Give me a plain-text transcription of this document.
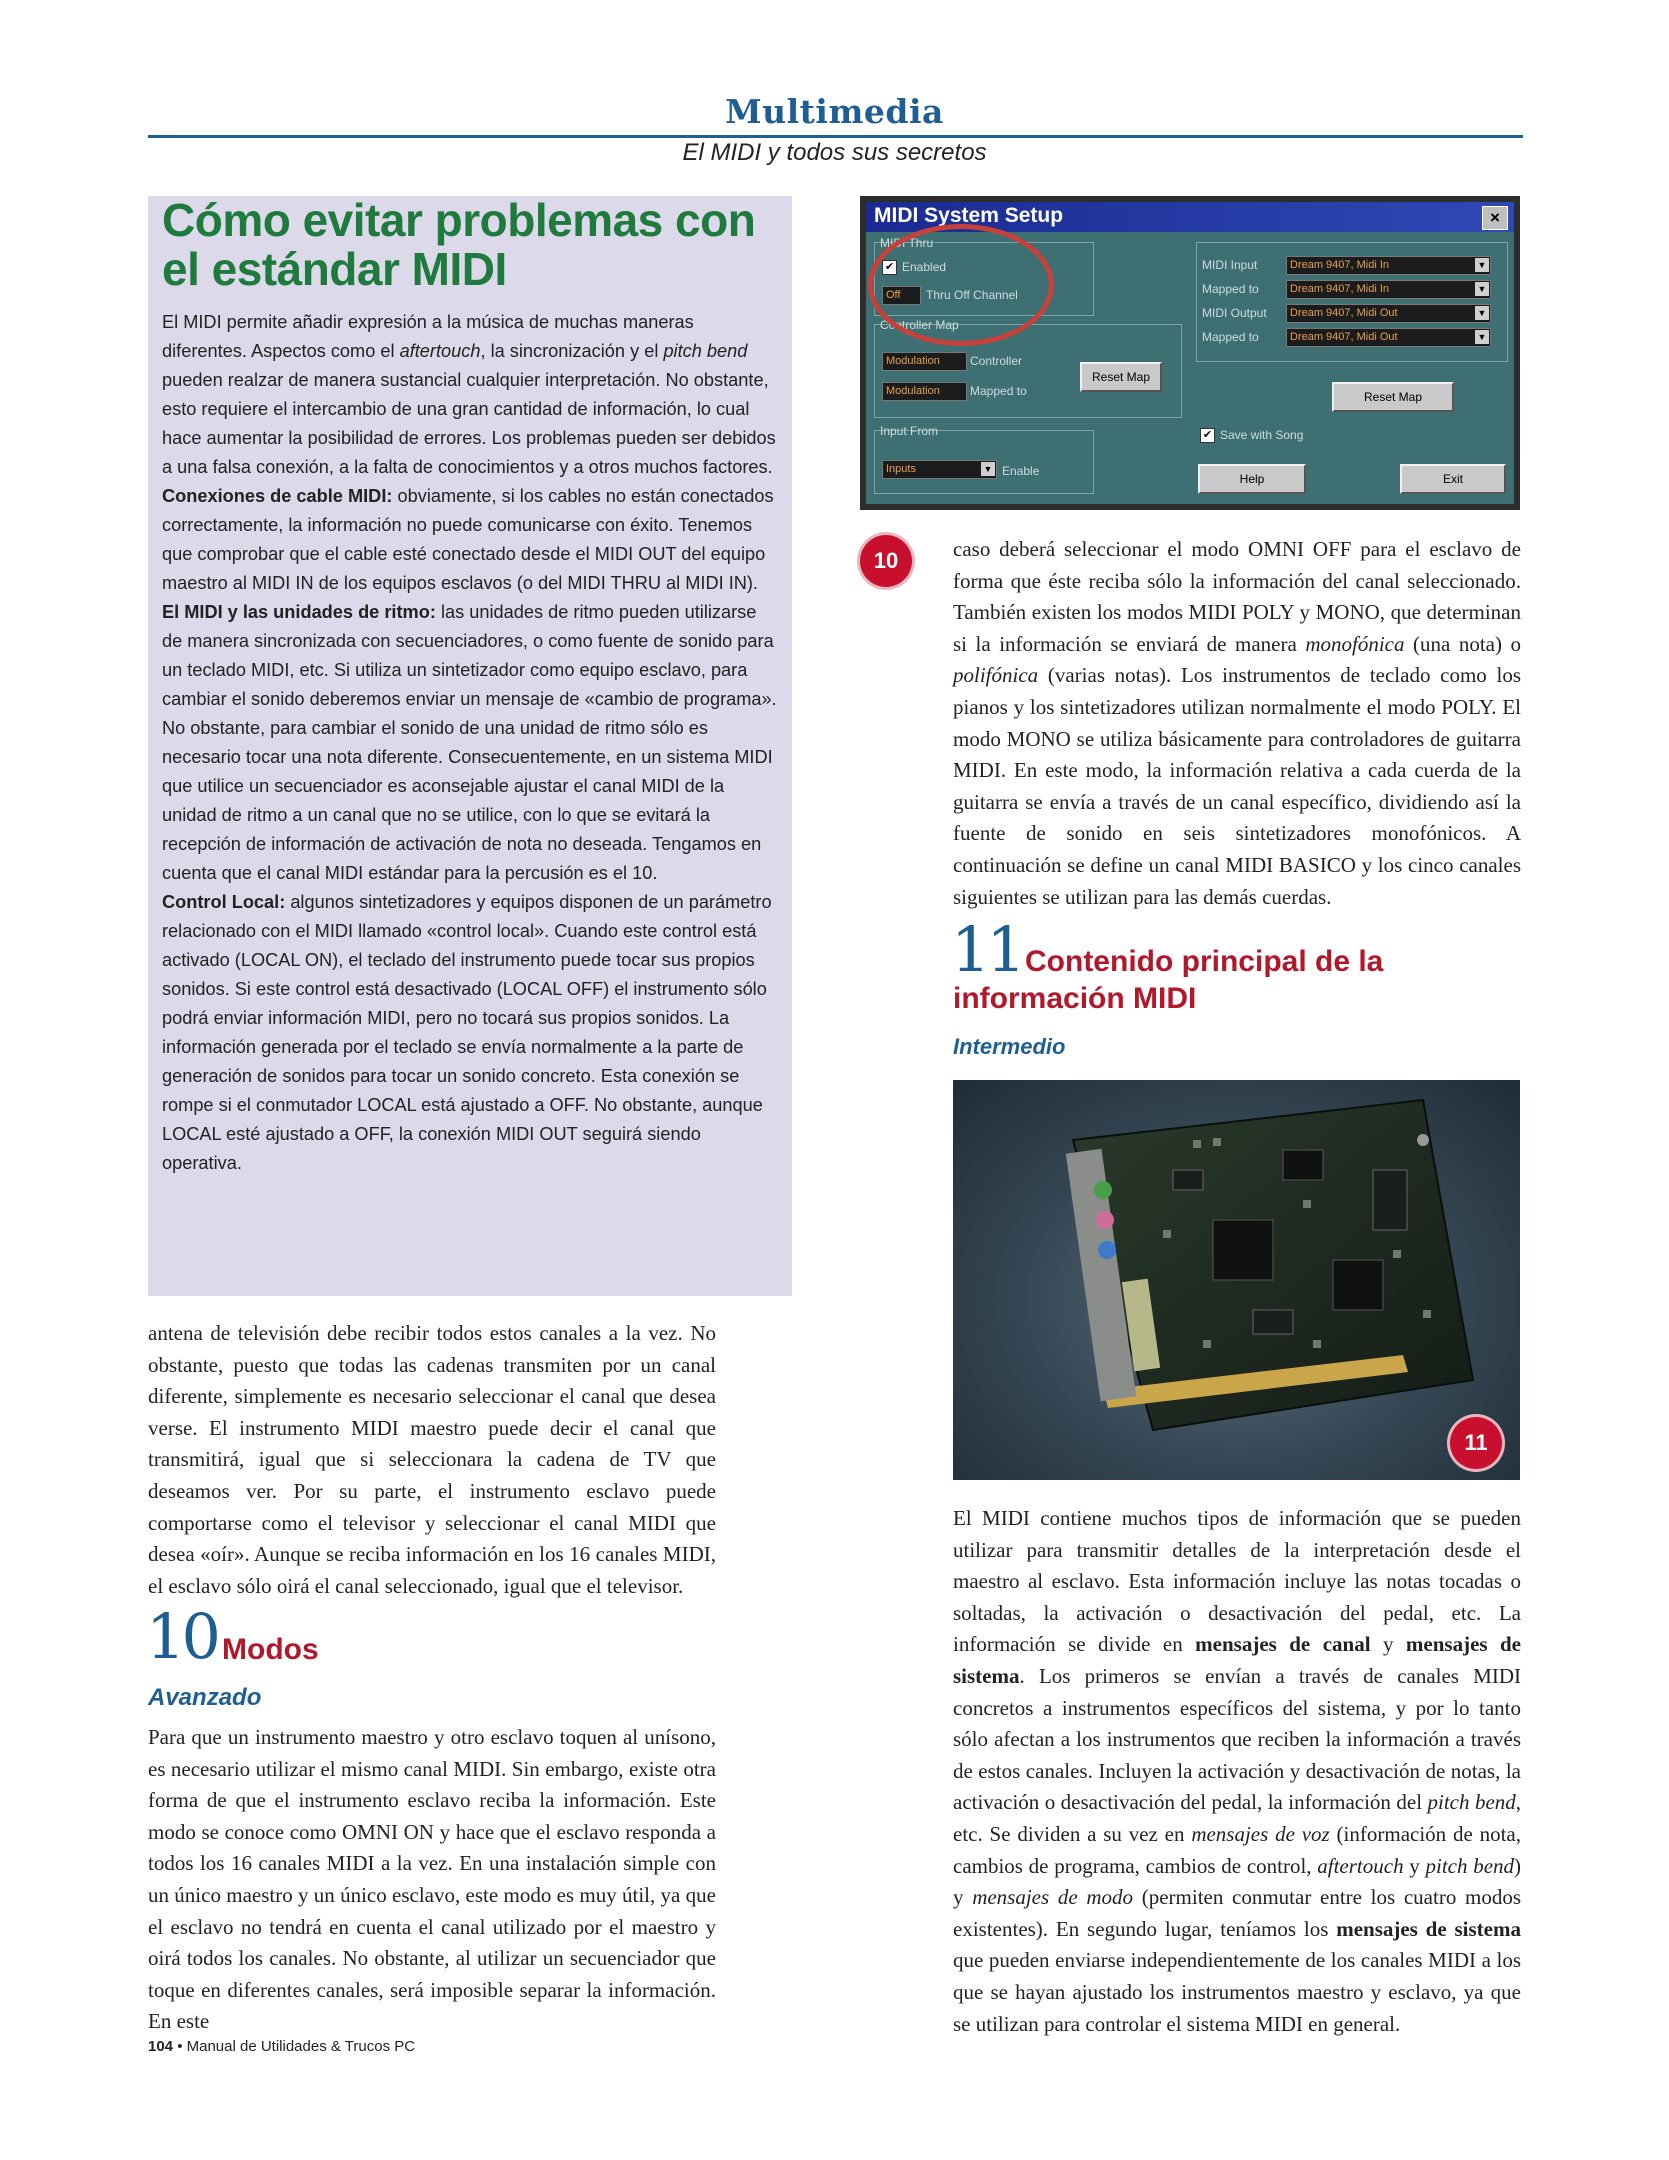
Multimedia
El MIDI y todos sus secretos
Cómo evitar problemas con el estándar MIDI

El MIDI permite añadir expresión a la música de muchas maneras diferentes. Aspectos como el aftertouch, la sincronización y el pitch bend pueden realzar de manera sustancial cualquier interpretación. No obstante, esto requiere el intercambio de una gran cantidad de información, lo cual hace aumentar la posibilidad de errores. Los problemas pueden ser debidos a una falsa conexión, a la falta de conocimientos y a otros muchos factores.

Conexiones de cable MIDI: obviamente, si los cables no están conectados correctamente, la información no puede comunicarse con éxito. Tenemos que comprobar que el cable esté conectado desde el MIDI OUT del equipo maestro al MIDI IN de los equipos esclavos (o del MIDI THRU al MIDI IN).

El MIDI y las unidades de ritmo: las unidades de ritmo pueden utilizarse de manera sincronizada con secuenciadores, o como fuente de sonido para un teclado MIDI, etc. Si utiliza un sintetizador como equipo esclavo, para cambiar el sonido deberemos enviar un mensaje de «cambio de programa». No obstante, para cambiar el sonido de una unidad de ritmo sólo es necesario tocar una nota diferente. Consecuentemente, en un sistema MIDI que utilice un secuenciador es aconsejable ajustar el canal MIDI de la unidad de ritmo a un canal que no se utilice, con lo que se evitará la recepción de información de activación de nota no deseada. Tengamos en cuenta que el canal MIDI estándar para la percusión es el 10.

Control Local: algunos sintetizadores y equipos disponen de un parámetro relacionado con el MIDI llamado «control local». Cuando este control está activado (LOCAL ON), el teclado del instrumento puede tocar sus propios sonidos. Si este control está desactivado (LOCAL OFF) el instrumento sólo podrá enviar información MIDI, pero no tocará sus propios sonidos. La información generada por el teclado se envía normalmente a la parte de generación de sonidos para tocar un sonido concreto. Esta conexión se rompe si el conmutador LOCAL está ajustado a OFF. No obstante, aunque LOCAL esté ajustado a OFF, la conexión MIDI OUT seguirá siendo operativa.

antena de televisión debe recibir todos estos canales a la vez. No obstante, puesto que todas las cadenas transmiten por un canal diferente, simplemente es necesario seleccionar el canal que desea verse. El instrumento MIDI maestro puede decir el canal que transmitirá, igual que si seleccionara la cadena de TV que deseamos ver. Por su parte, el instrumento esclavo puede comportarse como el televisor y seleccionar el canal MIDI que desea «oír». Aunque se reciba información en los 16 canales MIDI, el esclavo sólo oirá el canal seleccionado, igual que el televisor.
10 Modos
Avanzado
Para que un instrumento maestro y otro esclavo toquen al unísono, es necesario utilizar el mismo canal MIDI. Sin embargo, existe otra forma de que el instrumento esclavo reciba la información. Este modo se conoce como OMNI ON y hace que el esclavo responda a todos los 16 canales MIDI a la vez. En una instalación simple con un único maestro y un único esclavo, este modo es muy útil, ya que el esclavo no tendrá en cuenta el canal utilizado por el maestro y oirá todos los canales. No obstante, al utilizar un secuenciador que toque en diferentes canales, será imposible separar la información. En este
MIDI System Setup	×
MIDI Thru
✔ Enabled
Off	Thru Off Channel
Controller Map
Modulation	Controller
Modulation	Mapped to
Reset Map
Input From
Inputs	▼ Enable
MIDI Input	Dream 9407, Midi In	▼
Mapped to	Dream 9407, Midi In	▼
MIDI Output	Dream 9407, Midi Out	▼
Mapped to	Dream 9407, Midi Out	▼
Reset Map
✔ Save with Song
Help	Exit
10	caso deberá seleccionar el modo OMNI OFF para el esclavo de forma que éste reciba sólo la información del canal seleccionado. También existen los modos MIDI POLY y MONO, que determinan si la información se enviará de manera monofónica (una nota) o polifónica (varias notas). Los instrumentos de teclado como los pianos y los sintetizadores utilizan normalmente el modo POLY. El modo MONO se utiliza básicamente para controladores de guitarra MIDI. En este modo, la información relativa a cada cuerda de la guitarra se envía a través de un canal específico, dividiendo así la fuente de sonido en seis sintetizadores monofónicos. A continuación se define un canal MIDI BASICO y los cinco canales siguientes se utilizan para las demás cuerdas.
11 Contenido principal de la
información MIDI
Intermedio
11
El MIDI contiene muchos tipos de información que se pueden utilizar para transmitir detalles de la interpretación desde el maestro al esclavo. Esta información incluye las notas tocadas o soltadas, la activación o desactivación del pedal, etc. La información se divide en mensajes de canal y mensajes de sistema. Los primeros se envían a través de canales MIDI concretos a instrumentos específicos del sistema, y por lo tanto sólo afectan a los instrumentos que reciben la información a través de estos canales. Incluyen la activación y desactivación de notas, la activación o desactivación del pedal, la información del pitch bend, etc. Se dividen a su vez en mensajes de voz (información de nota, cambios de programa, cambios de control, aftertouch y pitch bend) y mensajes de modo (permiten conmutar entre los cuatro modos existentes). En segundo lugar, teníamos los mensajes de sistema que pueden enviarse independientemente de los canales MIDI a los que se hayan ajustado los instrumentos maestro y esclavo, ya que se utilizan para controlar el sistema MIDI en general.
104 • Manual de Utilidades & Trucos PC
